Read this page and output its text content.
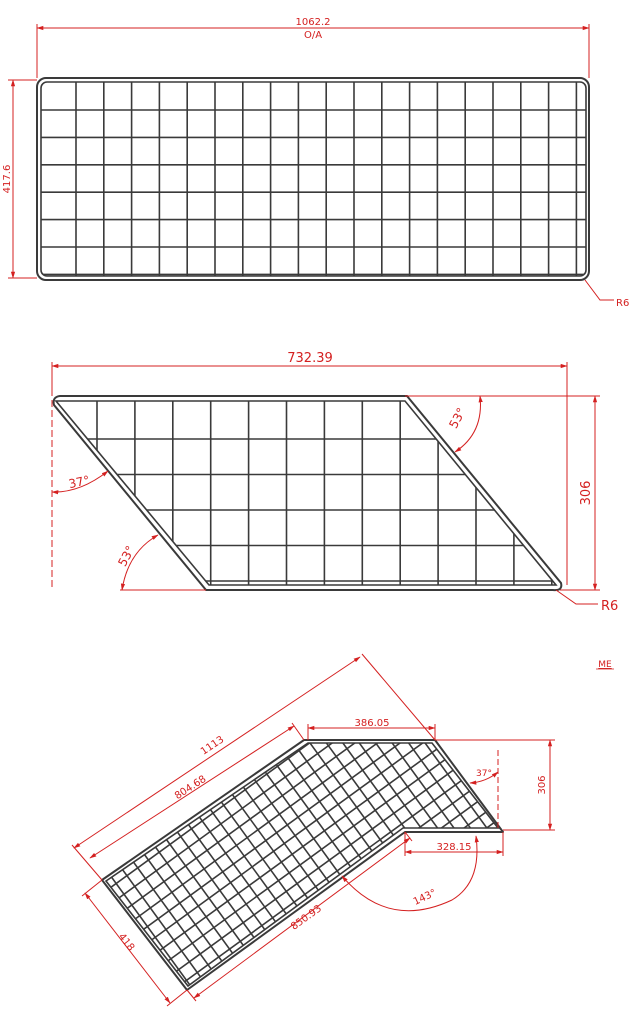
1062.2
O/A
417.6
R6
732.39
306
37°
53°
53°
R6
1113
804.68
386.05
306
37°
328.15
143°
850.93
418
ME
